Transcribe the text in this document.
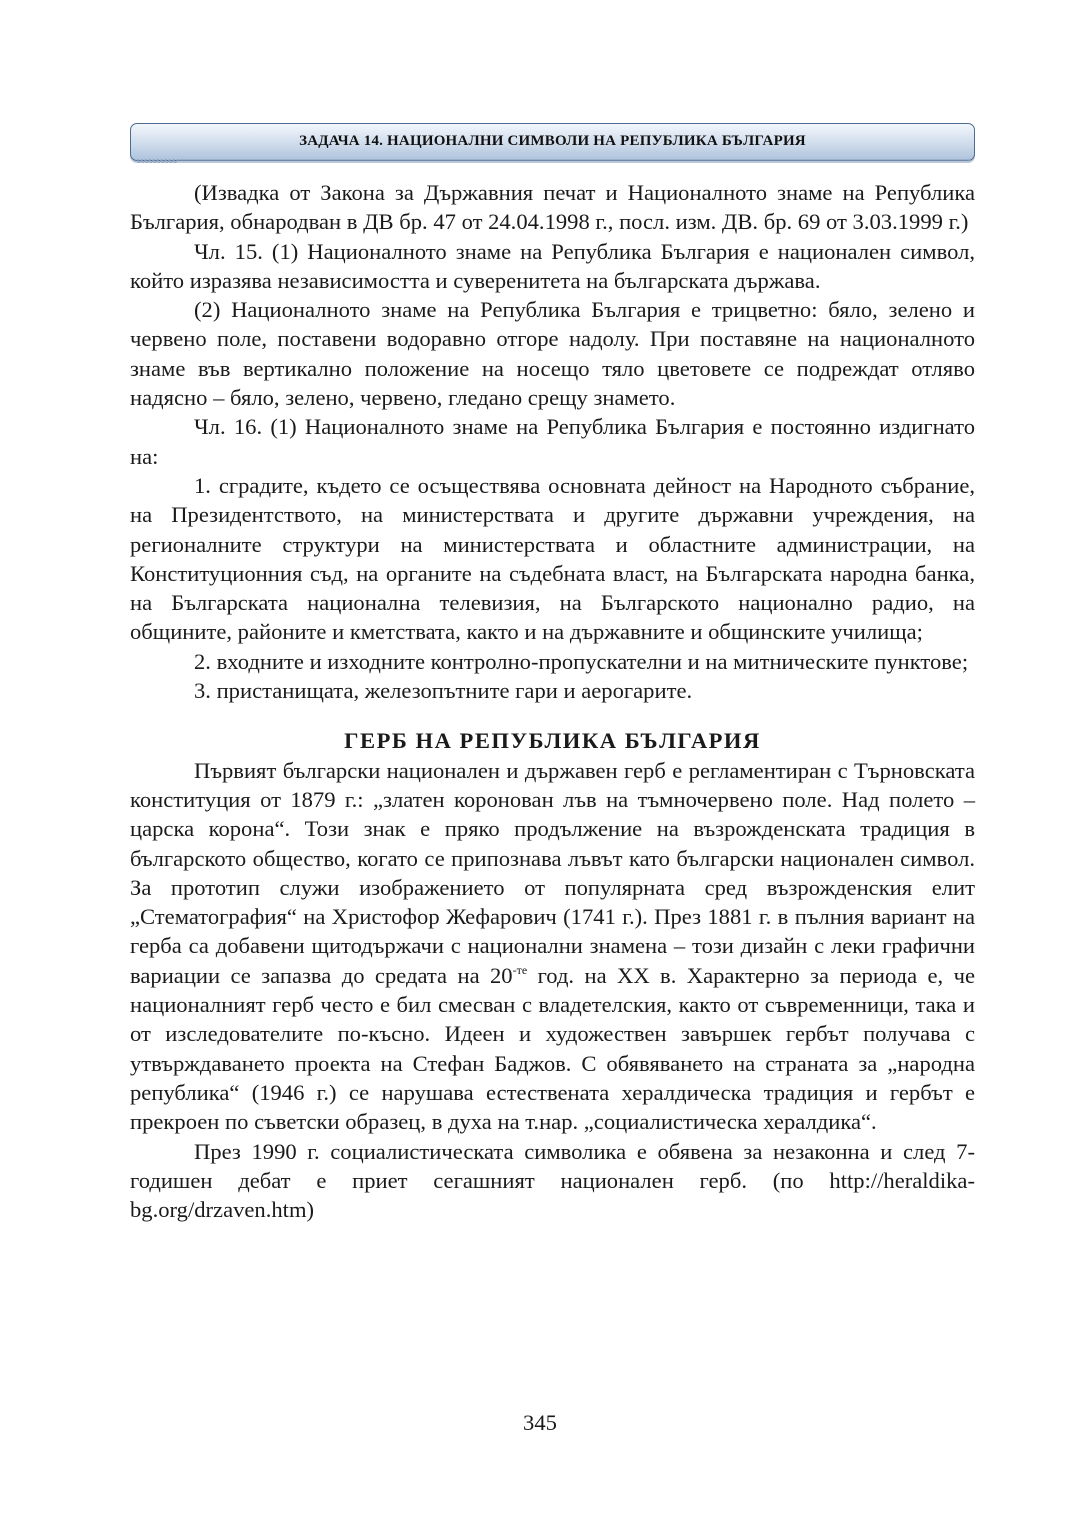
ЗАДАЧА 14. НАЦИОНАЛНИ СИМВОЛИ НА РЕПУБЛИКА БЪЛГАРИЯ

(Извадка от Закона за Държавния печат и Националното знаме на Република България, обнародван в ДВ бр. 47 от 24.04.1998 г., посл. изм. ДВ. бр. 69 от 3.03.1999 г.)

Чл. 15. (1) Националното знаме на Република България е национален символ, който изразява независимостта и суверенитета на българската държава.

(2) Националното знаме на Република България е трицветно: бяло, зелено и червено поле, поставени водоравно отгоре надолу. При поставяне на националното знаме във вертикално положение на носещо тяло цветовете се подреждат отляво надясно – бяло, зелено, червено, гледано срещу знамето.

Чл. 16. (1) Националното знаме на Република България е постоянно издигнато на:

1. сградите, където се осъществява основната дейност на Народното събрание, на Президентството, на министерствата и другите държавни учреждения, на регионалните структури на министерствата и областните администрации, на Конституционния съд, на органите на съдебната власт, на Българската народна банка, на Българската национална телевизия, на Българското национално радио, на общините, районите и кметствата, както и на държавните и общинските училища;

2. входните и изходните контролно-пропускателни и на митническите пунктове;

3. пристанищата, железопътните гари и аерогарите.

ГЕРБ НА РЕПУБЛИКА БЪЛГАРИЯ

Първият български национален и държавен герб е регламентиран с Търновската конституция от 1879 г.: „златен коронован лъв на тъмночервено поле. Над полето – царска корона“. Този знак е пряко продължение на възрожденската традиция в българското общество, когато се припознава лъвът като български национален символ. За прототип служи изображението от популярната сред възрожденския елит „Стематография“ на Христофор Жефарович (1741 г.). През 1881 г. в пълния вариант на герба са добавени щитодържачи с национални знамена – този дизайн с леки графични вариации се запазва до средата на $20^{-те}$ год. на XX в. Характерно за периода е, че националният герб често е бил смесван с владетелския, както от съвременници, така и от изследователите по-късно. Идеен и художествен завършек гербът получава с утвърждаването проекта на Стефан Баджов. С обявяването на страната за „народна република“ (1946 г.) се нарушава естествената хералдическа традиция и гербът е прекроен по съветски образец, в духа на т.нар. „социалистическа хералдика“.

През 1990 г. социалистическата символика е обявена за незаконна и след 7-годишен дебат е приет сегашният национален герб. (по http://heraldika-bg.org/drzaven.htm)

345
